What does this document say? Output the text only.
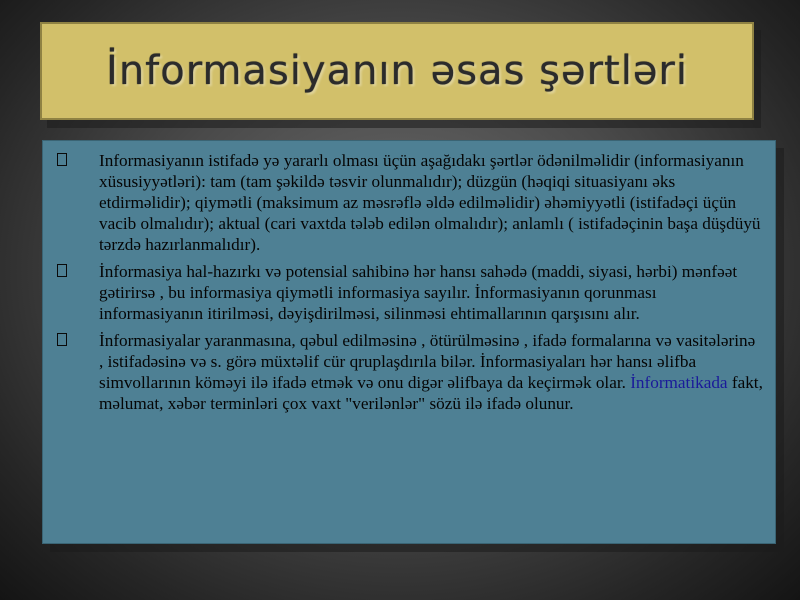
İnformasiyanın əsas şərtləri
Informasiyanın istifadə yə yararlı olması üçün aşağıdakı şərtlər ödənilməlidir (informasiyanın xüsusiyyətləri): tam (tam şəkildə təsvir olunmalıdır); düzgün (həqiqi situasiyanı əks etdirməlidir); qiymətli (maksimum az məsrəflə əldə edilməlidir) əhəmiyyətli (istifadəçi üçün vacib olmalıdır); aktual (cari vaxtda tələb edilən olmalıdır); anlamlı ( istifadəçinin başa düşdüyü tərzdə hazırlanmalıdır).
İnformasiya hal-hazırkı və potensial sahibinə hər hansı sahədə (maddi, siyasi, hərbi) mənfəət gətirirsə , bu informasiya qiymətli informasiya sayılır. İnformasiyanın qorunması informasiyanın itirilməsi, dəyişdirilməsi, silinməsi ehtimallarının qarşısını alır.
İnformasiyalar yaranmasına, qəbul edilməsinə , ötürülməsinə , ifadə formalarına və vasitələrinə , istifadəsinə və s. görə müxtəlif cür qruplaşdırıla bilər. İnformasiyaları hər hansı əlifba simvollarının köməyi ilə ifadə etmək və onu digər əlifbaya da keçirmək olar. İnformatikada fakt, məlumat, xəbər terminləri çox vaxt "verilənlər" sözü ilə ifadə olunur.
